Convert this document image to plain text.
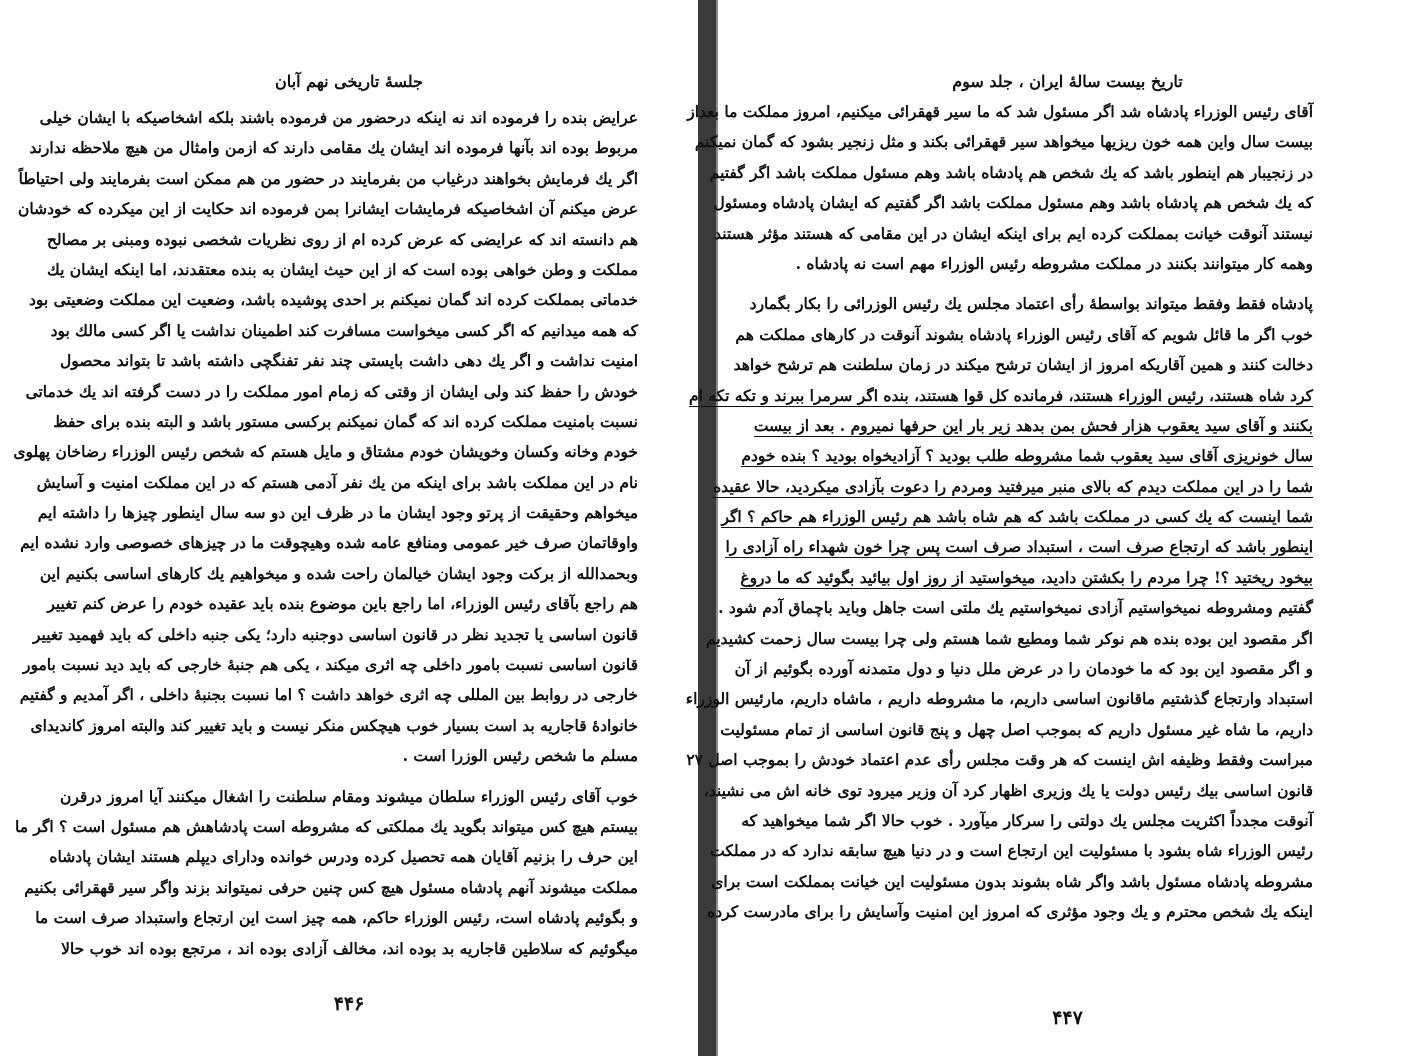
جلسهٔ تاریخی نهم آبان
عرایض بنده را فرموده اند نه اینکه درحضور من فرموده باشند بلکه اشخاصیکه با ایشان خیلی
مربوط بوده اند بآنها فرموده اند ایشان یك مقامی دارند که ازمن وامثال من هیچ ملاحظه ندارند
اگر یك فرمایش بخواهند درغیاب من بفرمایند در حضور من هم ممکن است بفرمایند ولی احتیاطاً
عرض میکنم آن اشخاصیکه فرمایشات ایشانرا بمن فرموده اند حکایت از این میکرده که خودشان
هم دانسته اند که عرایضی که عرض کرده ام از روی نظریات شخصی نبوده ومبنی بر مصالح
مملکت و وطن خواهی بوده است که از این حیث ایشان به بنده معتقدند، اما اینکه ایشان یك
خدماتی بمملکت کرده اند گمان نمیکنم بر احدی پوشیده باشد، وضعیت این مملکت وضعیتی بود
که همه میدانیم که اگر کسی میخواست مسافرت کند اطمینان نداشت یا اگر کسی مالك بود
امنیت نداشت و اگر یك دهی داشت بایستی چند نفر تفنگچی داشته باشد تا بتواند محصول
خودش را حفظ کند ولی ایشان از وقتی که زمام امور مملکت را در دست گرفته اند یك خدماتی
نسبت بامنیت مملکت کرده اند که گمان نمیکنم برکسی مستور باشد و البته بنده برای حفظ
خودم وخانه وکسان وخویشان خودم مشتاق و مایل هستم که شخص رئیس الوزراء رضاخان پهلوی
نام در این مملکت باشد برای اینکه من یك نفر آدمی هستم که در این مملکت امنیت و آسایش
میخواهم وحقیقت از پرتو وجود ایشان ما در ظرف این دو سه سال اینطور چیزها را داشته ایم
واوقاتمان صرف خیر عمومی ومنافع عامه شده وهیچوقت ما در چیزهای خصوصی وارد نشده ایم
وبحمدالله از برکت وجود ایشان خیالمان راحت شده و میخواهیم یك کارهای اساسی بکنیم این
هم راجع بآقای رئیس الوزراء، اما راجع باین موضوع بنده باید عقیده خودم را عرض کنم تغییر
قانون اساسی یا تجدید نظر در قانون اساسی دوجنبه دارد؛ یکی جنبه داخلی که باید فهمید تغییر
قانون اساسی نسبت بامور داخلی چه اثری میکند ، یکی هم جنبهٔ خارجی که باید دید نسبت بامور
خارجی در روابط بین المللی چه اثری خواهد داشت ؟ اما نسبت بجنبهٔ داخلی ، اگر آمدیم و گفتیم
خانوادهٔ قاجاریه بد است بسیار خوب هیچکس منکر نیست و باید تغییر کند والبته امروز کاندیدای
مسلم ما شخص رئیس الوزرا است .
خوب آقای رئیس الوزراء سلطان میشوند ومقام سلطنت را اشغال میکنند آیا امروز درقرن
بیستم هیچ کس میتواند بگوید یك مملکتی که مشروطه است پادشاهش هم مسئول است ؟ اگر ما
این حرف را بزنیم آقایان همه تحصیل کرده ودرس خوانده ودارای دیپلم هستند ایشان پادشاه
مملکت میشوند آنهم پادشاه مسئول هیچ کس چنین حرفی نمیتواند بزند واگر سیر قهقرائی بکنیم
و بگوئیم پادشاه است، رئیس الوزراء حاکم، همه چیز است این ارتجاع واستبداد صرف است ما
میگوئیم که سلاطین قاجاریه بد بوده اند، مخالف آزادی بوده اند ، مرتجع بوده اند خوب حالا
۴۴۶
تاریخ بیست سالهٔ ایران ، جلد سوم
آقای رئیس الوزراء پادشاه شد اگر مسئول شد که ما سیر قهقرائی میکنیم، امروز مملکت ما بعداز
بیست سال واین همه خون ریزیها میخواهد سیر قهقرائی بکند و مثل زنجیر بشود که گمان نمیکنم
در زنجیبار هم اینطور باشد که یك شخص هم پادشاه باشد وهم مسئول مملکت باشد اگر گفتیم
که یك شخص هم پادشاه باشد وهم مسئول مملکت باشد اگر گفتیم که ایشان پادشاه ومسئول
نیستند آنوقت خیانت بمملکت کرده ایم برای اینکه ایشان در این مقامی که هستند مؤثر هستند
وهمه کار میتوانند بکنند در مملکت مشروطه رئیس الوزراء مهم است نه پادشاه .
پادشاه فقط وفقط میتواند بواسطهٔ رأی اعتماد مجلس یك رئیس الوزرائی را بکار بگمارد
خوب اگر ما قائل شویم که آقای رئیس الوزراء پادشاه بشوند آنوقت در کارهای مملکت هم
دخالت کنند و همین آقاریکه امروز از ایشان ترشح میکند در زمان سلطنت هم ترشح خواهد
کرد شاه هستند، رئیس الوزراء هستند، فرمانده کل قوا هستند، بنده اگر سرمرا ببرند و تکه تکه ام
بکنند و آقای سید یعقوب هزار فحش بمن بدهد زیر بار این حرفها نمیروم . بعد از بیست
سال خونریزی آقای سید یعقوب شما مشروطه طلب بودید ؟ آزادیخواه بودید ؟ بنده خودم
شما را در این مملکت دیدم که بالای منبر میرفتید ومردم را دعوت بآزادی میکردید، حالا عقیده
شما اینست که یك کسی در مملکت باشد که هم شاه باشد هم رئیس الوزراء هم حاکم ؟ اگر
اینطور باشد که ارتجاع صرف است ، استبداد صرف است پس چرا خون شهداء راه آزادی را
بیخود ریختید ؟! چرا مردم را بکشتن دادید، میخواستید از روز اول بیائید بگوئید که ما دروغ
گفتیم ومشروطه نمیخواستیم آزادی نمیخواستیم یك ملتی است جاهل وباید باچماق آدم شود .
اگر مقصود این بوده بنده هم نوکر شما ومطیع شما هستم ولی چرا بیست سال زحمت کشیدیم
و اگر مقصود این بود که ما خودمان را در عرض ملل دنیا و دول متمدنه آورده بگوئیم از آن
استبداد وارتجاع گذشتیم ماقانون اساسی داریم، ما مشروطه داریم ، ماشاه داریم، مارئیس الوزراء
داریم، ما شاه غیر مسئول داریم که بموجب اصل چهل و پنج قانون اساسی از تمام مسئولیت
مبراست وفقط وظیفه اش اینست که هر وقت مجلس رأی عدم اعتماد خودش را بموجب اصل ۲۷
قانون اساسی بیك رئیس دولت یا یك وزیری اظهار کرد آن وزیر میرود توی خانه اش می نشیند،
آنوقت مجدداً اکثریت مجلس یك دولتی را سرکار میآورد . خوب حالا اگر شما میخواهید که
رئیس الوزراء شاه بشود با مسئولیت این ارتجاع است و در دنیا هیچ سابقه ندارد که در مملکت
مشروطه پادشاه مسئول باشد واگر شاه بشوند بدون مسئولیت این خیانت بمملکت است برای
اینکه یك شخص محترم و یك وجود مؤثری که امروز این امنیت وآسایش را برای مادرست کرده
۴۴۷
